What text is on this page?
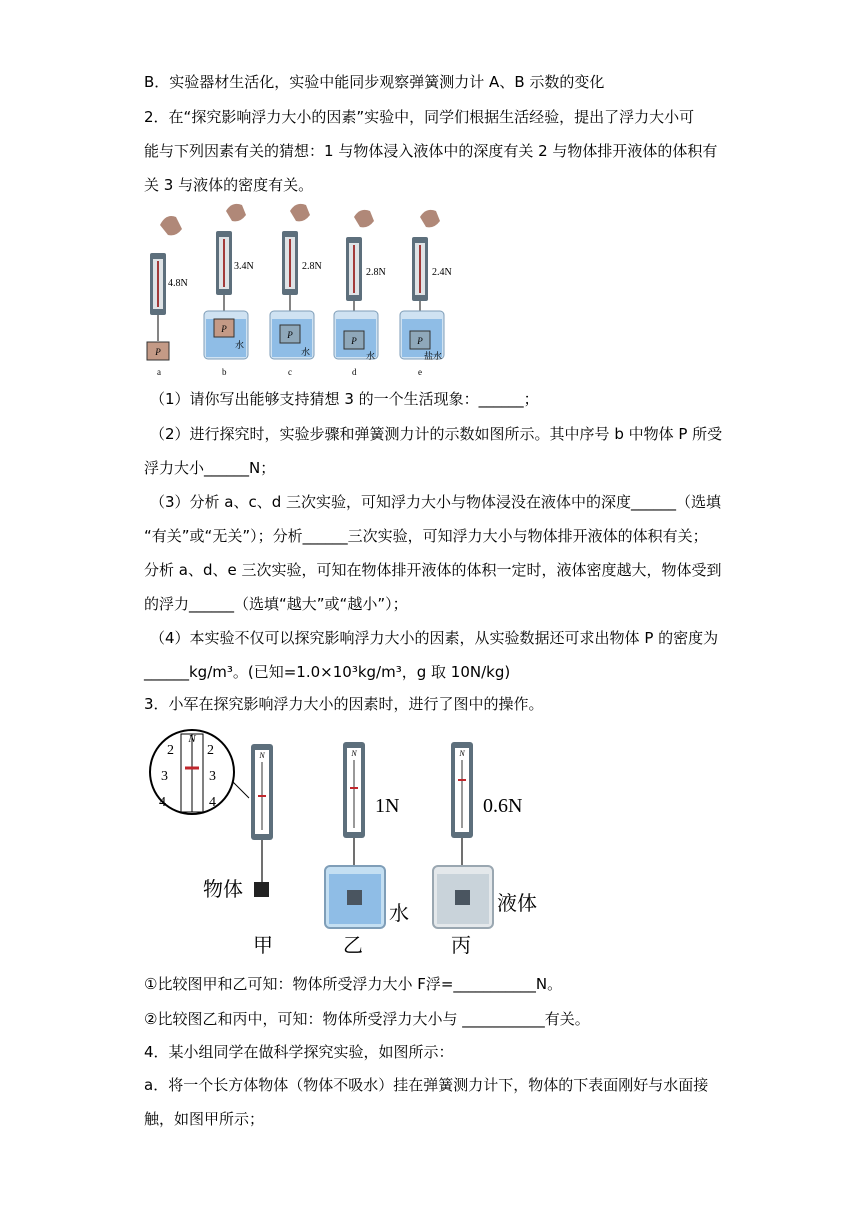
B．实验器材生活化，实验中能同步观察弹簧测力计 A、B 示数的变化
2．在“探究影响浮力大小的因素”实验中，同学们根据生活经验，提出了浮力大小可
能与下列因素有关的猜想：1 与物体浸入液体中的深度有关 2 与物体排开液体的体积有
关 3 与液体的密度有关。
P
4.8N
a
P
水
3.4N
b
P
水
2.8N
c
P
水
2.8N
d
P
盐水
2.4N
e
（1）请你写出能够支持猜想 3 的一个生活现象：______；
（2）进行探究时，实验步骤和弹簧测力计的示数如图所示。其中序号 b 中物体 P 所受
浮力大小______N；
（3）分析 a、c、d 三次实验，可知浮力大小与物体浸没在液体中的深度______（选填
“有关”或“无关”）；分析______三次实验，可知浮力大小与物体排开液体的体积有关；
分析 a、d、e 三次实验，可知在物体排开液体的体积一定时，液体密度越大，物体受到
的浮力______（选填“越大”或“越小”）；
（4）本实验不仅可以探究影响浮力大小的因素，从实验数据还可求出物体 P 的密度为
______kg/m³。(已知=1.0×10³kg/m³，g 取 10N/kg)
3．小军在探究影响浮力大小的因素时，进行了图中的操作。
N
2 2
3	3
4	4
N
物体
甲
N
1N
水
乙
N
0.6N
液体
丙
①比较图甲和乙可知：物体所受浮力大小 F浮=___________N。
②比较图乙和丙中，可知：物体所受浮力大小与 ___________有关。
4．某小组同学在做科学探究实验，如图所示：
a．将一个长方体物体（物体不吸水）挂在弹簧测力计下，物体的下表面刚好与水面接
触，如图甲所示；
